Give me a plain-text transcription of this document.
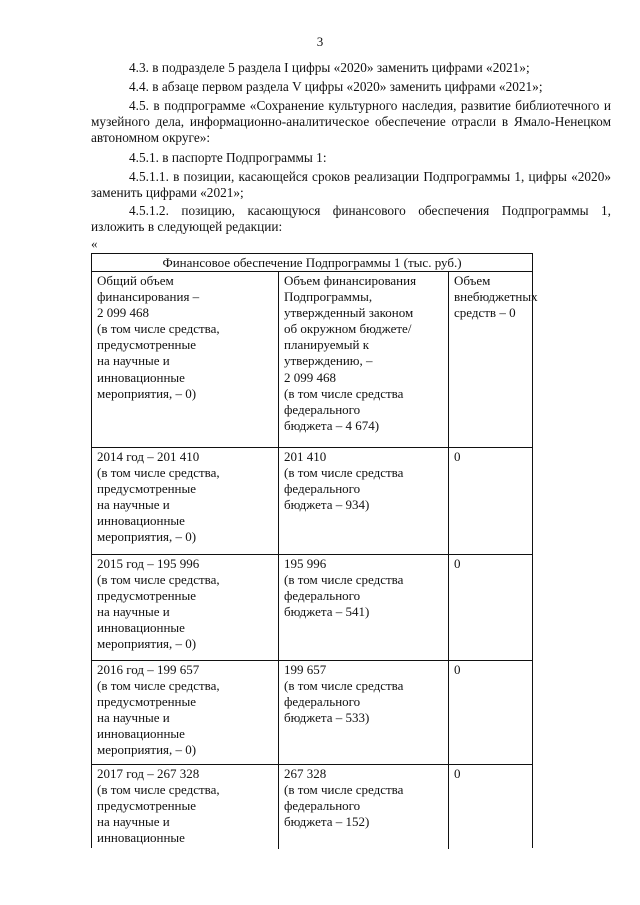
3
4.3. в подразделе 5 раздела I цифры «2020» заменить цифрами «2021»;
4.4. в абзаце первом раздела V цифры «2020» заменить цифрами «2021»;
4.5. в подпрограмме «Сохранение культурного наследия, развитие библиотечного и музейного дела, информационно-аналитическое обеспечение отрасли в Ямало-Ненецком автономном округе»:
4.5.1. в паспорте Подпрограммы 1:
4.5.1.1. в позиции, касающейся сроков реализации Подпрограммы 1, цифры «2020» заменить цифрами «2021»;
4.5.1.2. позицию, касающуюся финансового обеспечения Подпрограммы 1, изложить в следующей редакции:
«
Финансовое обеспечение Подпрограммы 1 (тыс. руб.)
Общий объем
финансирования –
2 099 468
(в том числе средства,
предусмотренные
на научные и
инновационные
мероприятия, – 0)
Объем финансирования
Подпрограммы,
утвержденный законом
об окружном бюджете/
планируемый к
утверждению, –
2 099 468
(в том числе средства
федерального
бюджета – 4 674)
Объем
внебюджетных
средств – 0
2014 год – 201 410
(в том числе средства,
предусмотренные
на научные и
инновационные
мероприятия, – 0)
201 410
(в том числе средства
федерального
бюджета – 934)
0
2015 год – 195 996
(в том числе средства,
предусмотренные
на научные и
инновационные
мероприятия, – 0)
195 996
(в том числе средства
федерального
бюджета – 541)
0
2016 год – 199 657
(в том числе средства,
предусмотренные
на научные и
инновационные
мероприятия, – 0)
199 657
(в том числе средства
федерального
бюджета – 533)
0
2017 год – 267 328
(в том числе средства,
предусмотренные
на научные и
инновационные
267 328
(в том числе средства
федерального
бюджета – 152)
0
